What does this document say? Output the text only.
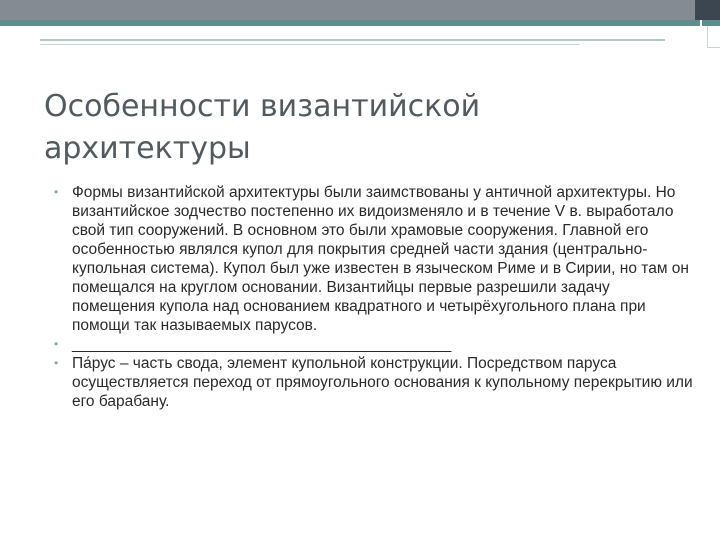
Особенности византийской архитектуры
• Формы византийской архитектуры были заимствованы у античной архитектуры. Но византийское зодчество постепенно их видоизменяло и в течение V в. выработало свой тип сооружений. В основном это были храмовые сооружения. Главной его особенностью являлся купол для покрытия средней части здания (центрально-купольная система). Купол был уже известен в языческом Риме и в Сирии, но там он помещался на круглом основании. Византийцы первые разрешили задачу помещения купола над основанием квадратного и четырёхугольного плана при помощи так называемых парусов.
• ____________________________________________
• Па́рус – часть свода, элемент купольной конструкции. Посредством паруса осуществляется переход от прямоугольного основания к купольному перекрытию или его барабану.
